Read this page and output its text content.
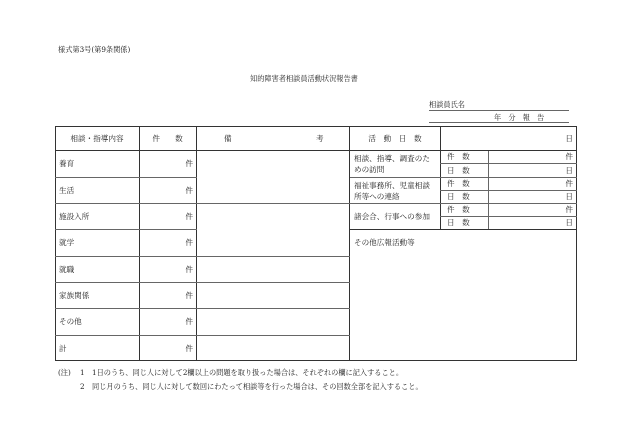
様式第3号(第9条関係)
知的障害者相談員活動状況報告書
相談員氏名
年　分　報　告
相談・指導内容	件　　数	備	考
養育	件
生活	件
施設入所	件
就学	件
就職	件
家族関係	件
その他	件
計	件
活　動　日　数	日
相談、指導、調査のた
めの訪問
件　数	件
日　数	日
福祉事務所、児童相談
所等への連絡
件　数	件
日　数	日
諸会合、行事への参加
件　数	件
日　数	日
その他広報活動等
(注) 1 1日のうち、同じ人に対して2欄以上の問題を取り扱った場合は、それぞれの欄に記入すること。
2 同じ月のうち、同じ人に対して数回にわたって相談等を行った場合は、その回数全部を記入すること。
